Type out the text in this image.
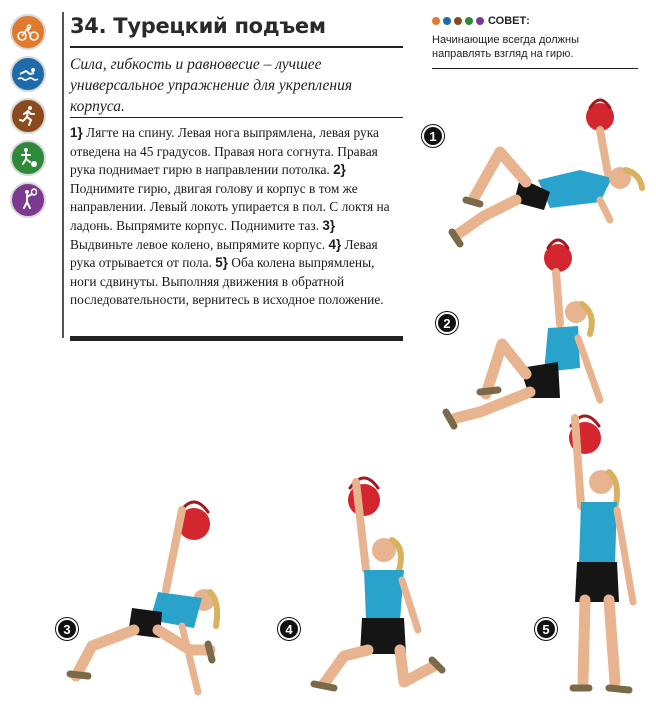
34. Турецкий подъем
Сила, гибкость и равновесие – лучшее универсальное упражнение для укрепления корпуса.

1} Лягте на спину. Левая нога выпрямлена, левая рука отведена на 45 градусов. Правая нога согнута. Правая рука поднимает гирю в направлении потолка. 2} Поднимите гирю, двигая голову и корпус в том же направлении. Левый локоть упирается в пол. С локтя на ладонь. Выпрямите корпус. Поднимите таз. 3} Выдвиньте левое колено, выпрямите корпус. 4} Левая рука отрывается от пола. 5} Оба колена выпрямлены, ноги сдвинуты. Выполняя движения в обратной последовательности, вернитесь в исходное положение.

СОВЕТ:
Начинающие всегда должны направлять взгляд на гирю.
1
2
3	4	5
